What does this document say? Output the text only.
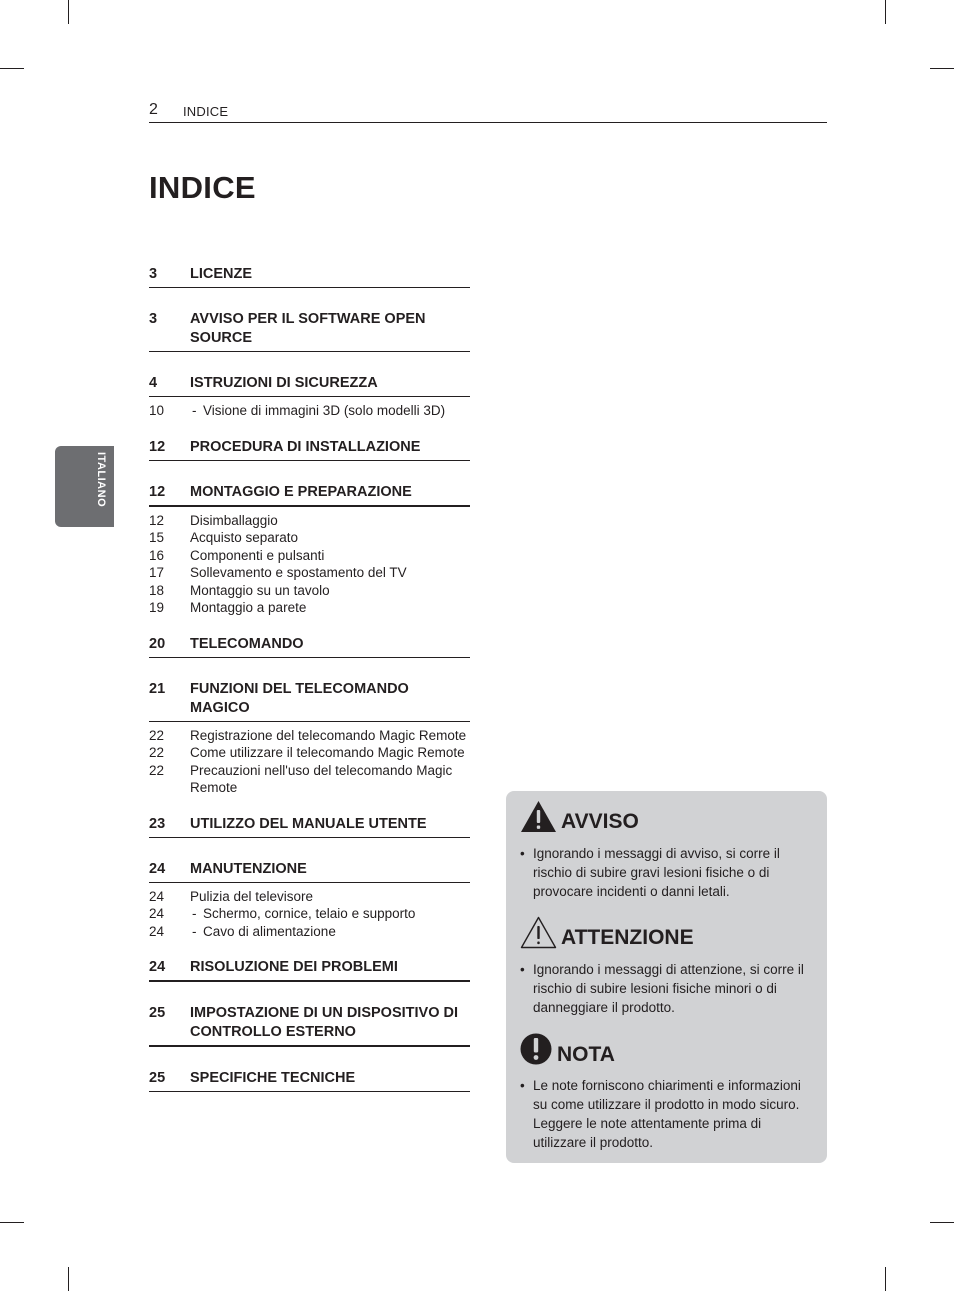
2 INDICE
INDICE
ITALIANO
3 LICENZE
3 AVVISO PER IL SOFTWARE OPEN SOURCE
4 ISTRUZIONI DI SICUREZZA
10	- Visione di immagini 3D (solo modelli 3D)
12 PROCEDURA DI INSTALLAZIONE
12 MONTAGGIO E PREPARAZIONE
12 Disimballaggio
15 Acquisto separato
16 Componenti e pulsanti
17 Sollevamento e spostamento del TV
18 Montaggio su un tavolo
19 Montaggio a parete
20 TELECOMANDO
21 FUNZIONI DEL TELECOMANDO MAGICO
22 Registrazione del telecomando Magic Remote
22 Come utilizzare il telecomando Magic Remote
22 Precauzioni nell'uso del telecomando Magic Remote
23 UTILIZZO DEL MANUALE UTENTE
24 MANUTENZIONE
24 Pulizia del televisore
24	- Schermo, cornice, telaio e supporto
24	- Cavo di alimentazione
24 RISOLUZIONE DEI PROBLEMI
25 IMPOSTAZIONE DI UN DISPOSITIVO DI CONTROLLO ESTERNO
25 SPECIFICHE TECNICHE
AVVISO
• Ignorando i messaggi di avviso, si corre il rischio di subire gravi lesioni fisiche o di provocare incidenti o danni letali.
ATTENZIONE
• Ignorando i messaggi di attenzione, si corre il rischio di subire lesioni fisiche minori o di danneggiare il prodotto.
NOTA
• Le note forniscono chiarimenti e informazioni su come utilizzare il prodotto in modo sicuro. Leggere le note attentamente prima di utilizzare il prodotto.
